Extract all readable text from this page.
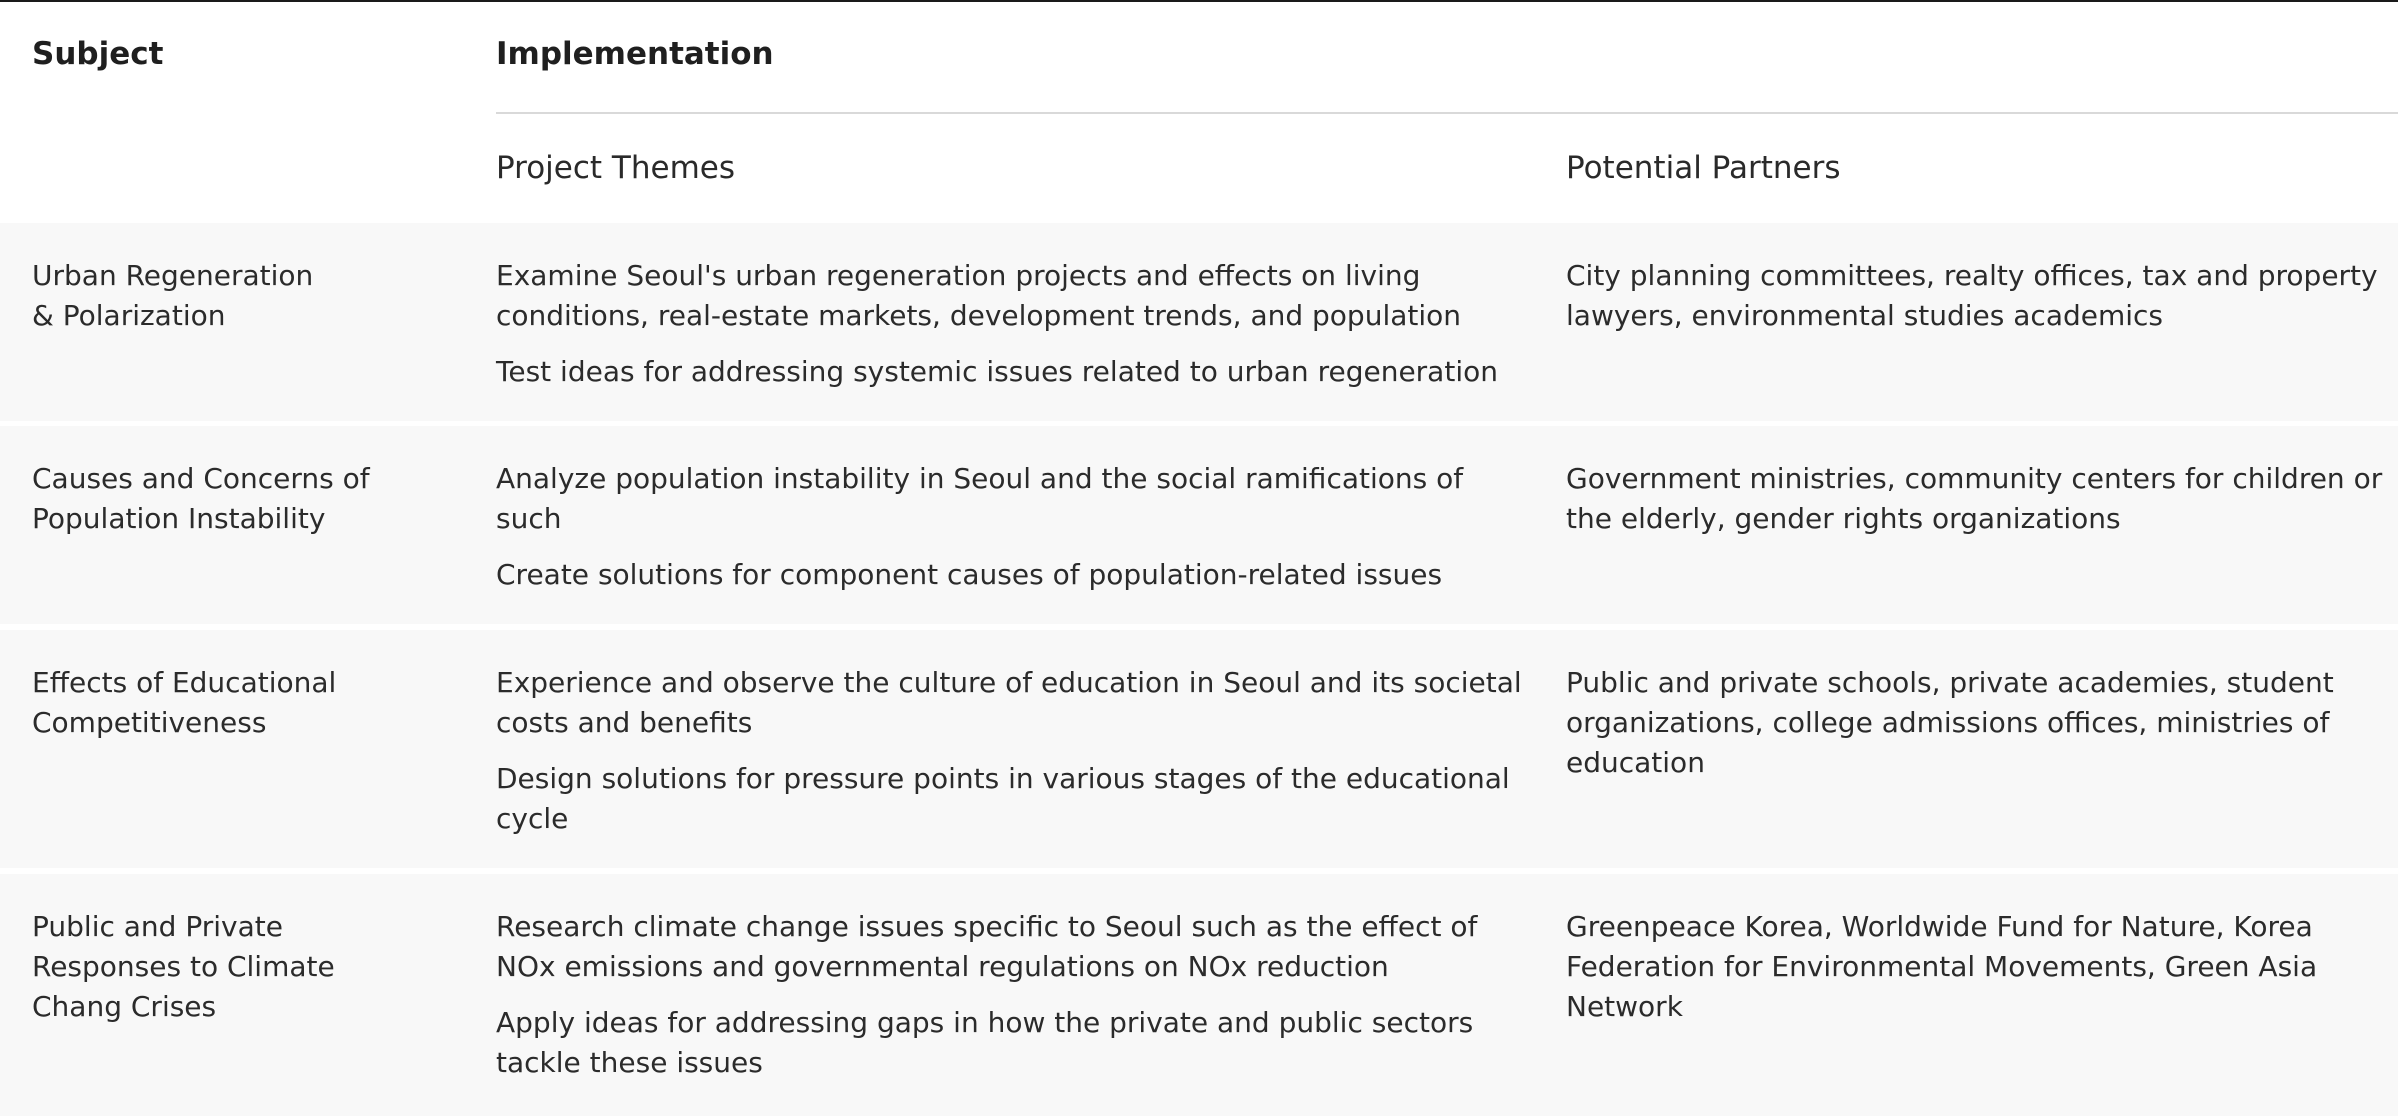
Subject	Implementation
Project Themes	Potential Partners
Urban Regeneration
& Polarization

Examine Seoul's urban regeneration projects and effects on living conditions, real-estate markets, development trends, and population

Test ideas for addressing systemic issues related to urban regeneration

City planning committees, realty offices, tax and property lawyers, environmental studies academics
Causes and Concerns of
Population Instability

Analyze population instability in Seoul and the social ramifications of such

Create solutions for component causes of population-related issues

Government ministries, community centers for children or the elderly, gender rights organizations
Effects of Educational
Competitiveness

Experience and observe the culture of education in Seoul and its societal costs and benefits

Design solutions for pressure points in various stages of the educational cycle

Public and private schools, private academies, student organizations, college admissions offices, ministries of education
Public and Private
Responses to Climate
Chang Crises

Research climate change issues specific to Seoul such as the effect of NOx emissions and governmental regulations on NOx reduction

Apply ideas for addressing gaps in how the private and public sectors tackle these issues

Greenpeace Korea, Worldwide Fund for Nature, Korea Federation for Environmental Movements, Green Asia Network
